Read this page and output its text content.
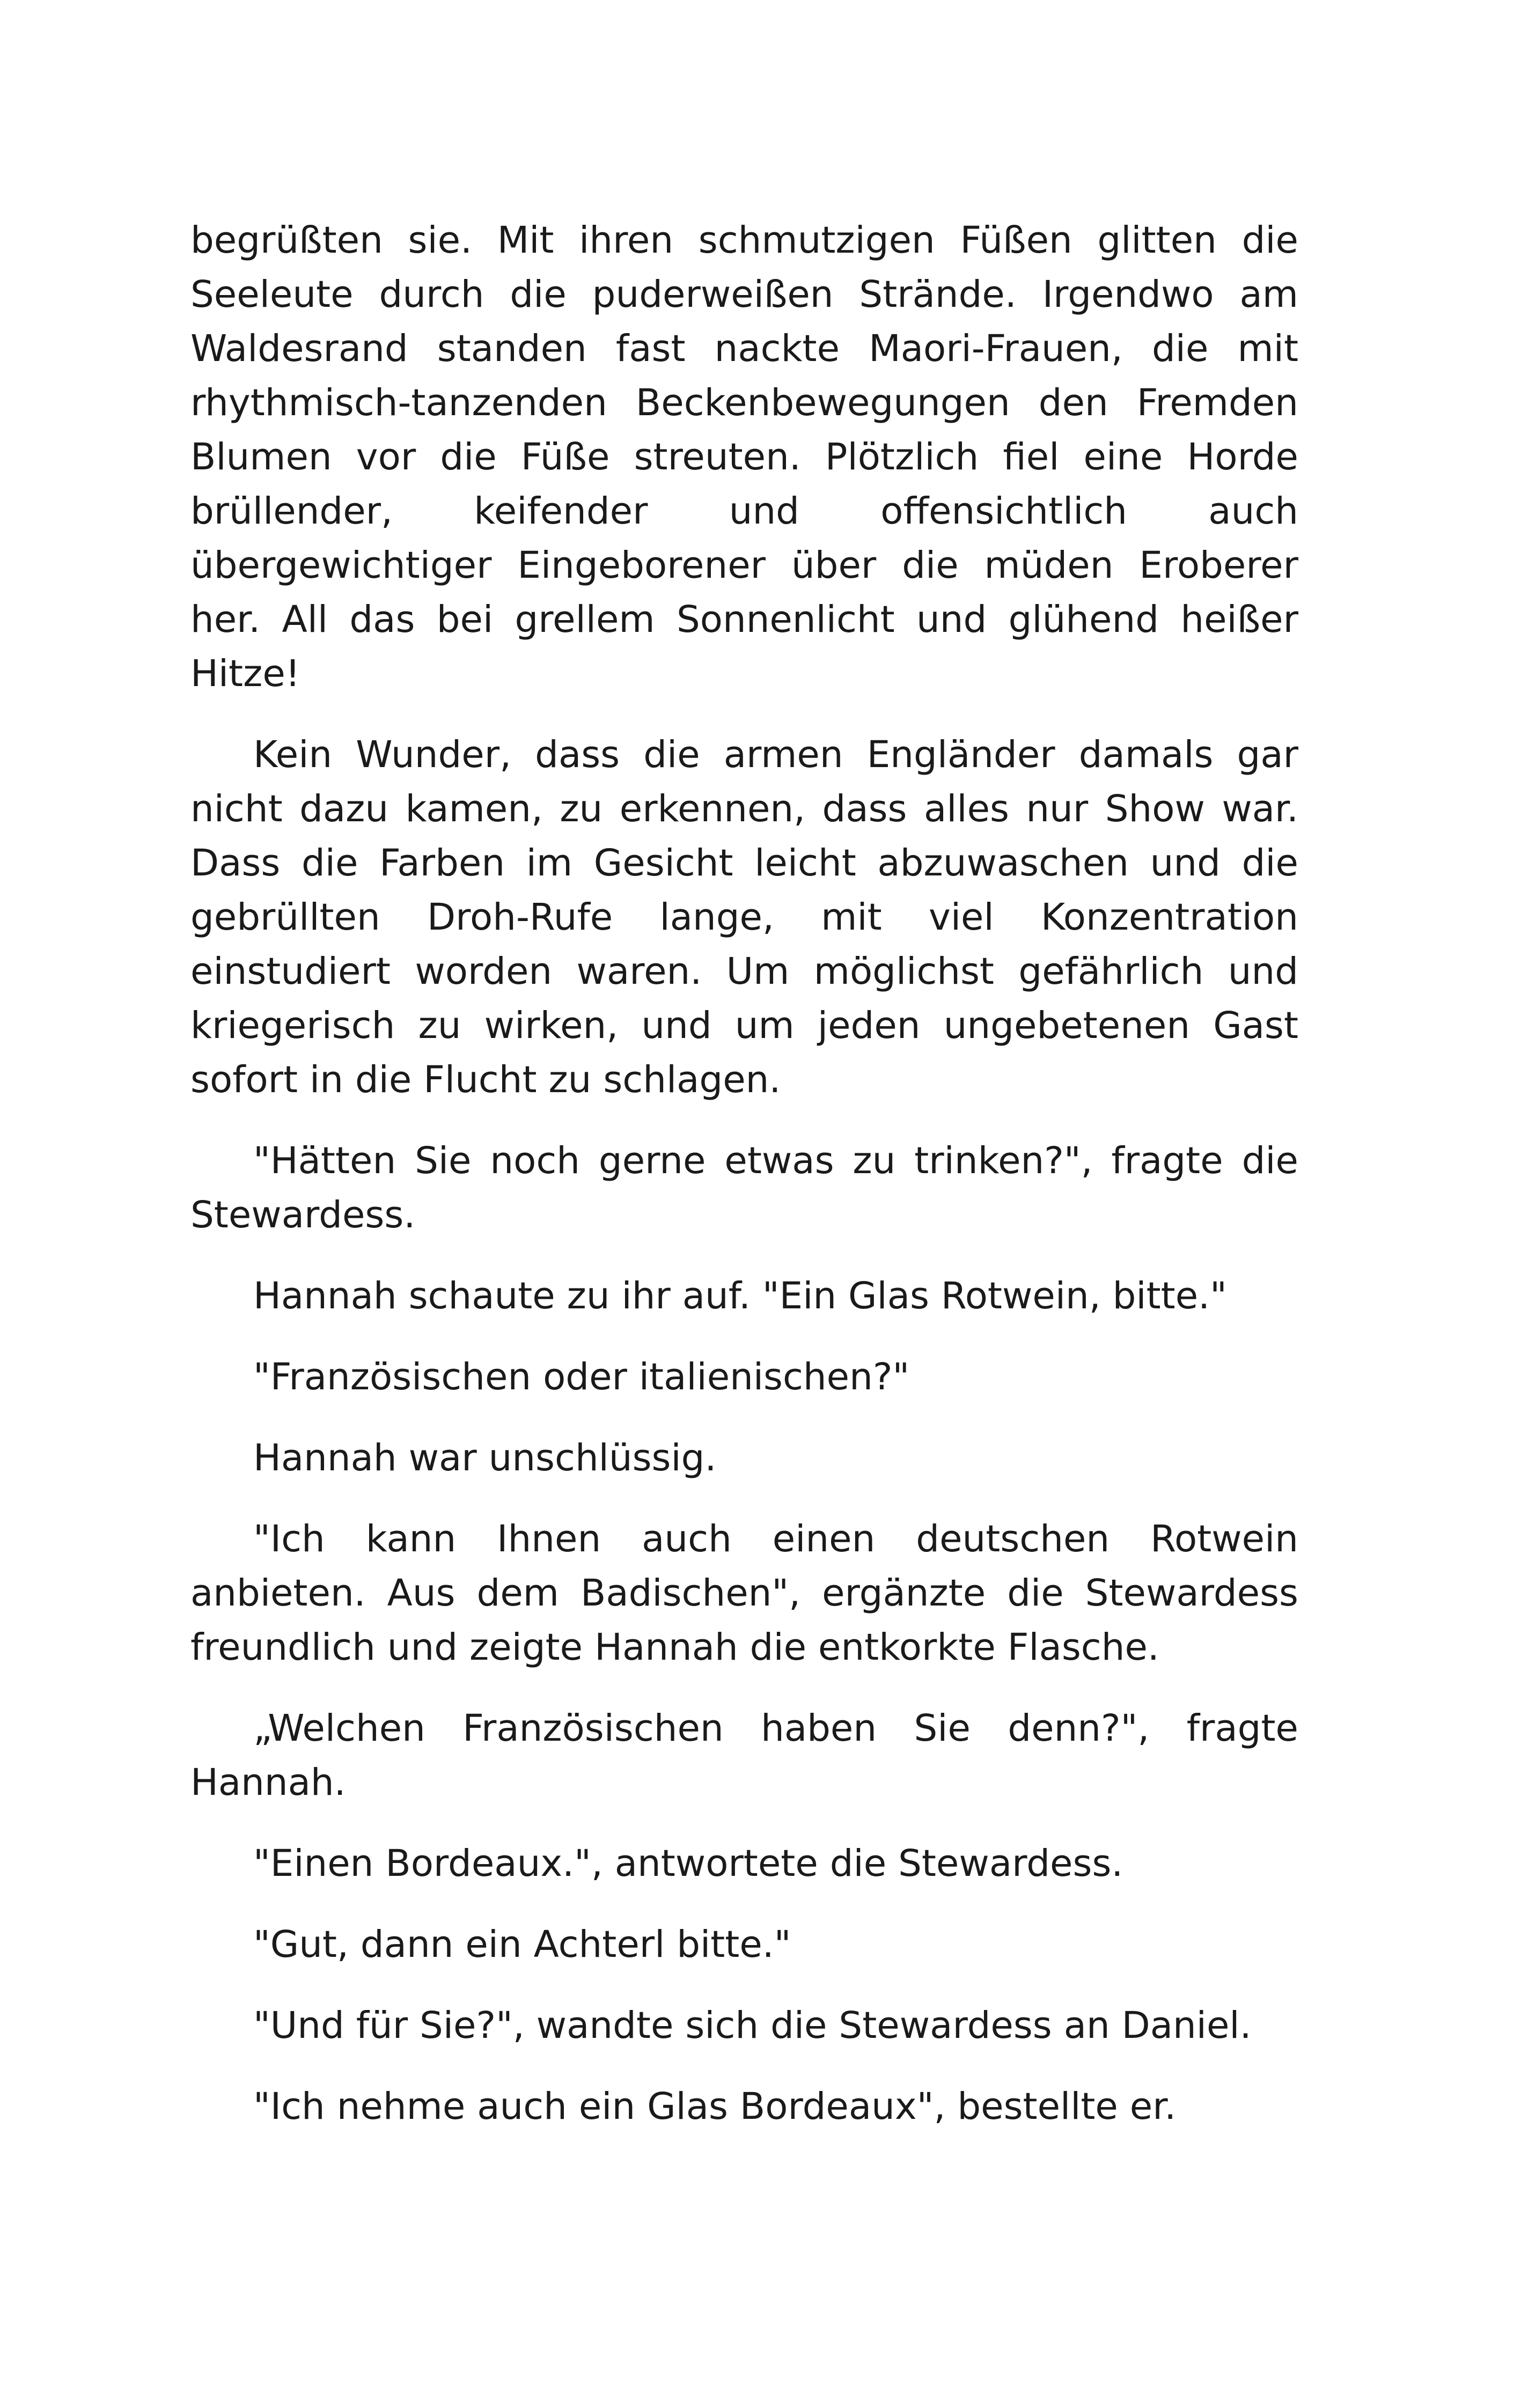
begrüßten sie. Mit ihren schmutzigen Füßen glitten die Seeleute durch die puderweißen Strände. Irgendwo am Waldesrand standen fast nackte Maori-Frauen, die mit rhythmisch-tanzenden Beckenbewegungen den Fremden Blumen vor die Füße streuten. Plötzlich fiel eine Horde brüllender, keifender und offensichtlich auch übergewichtiger Eingeborener über die müden Eroberer her. All das bei grellem Sonnenlicht und glühend heißer Hitze!

Kein Wunder, dass die armen Engländer damals gar nicht dazu kamen, zu erkennen, dass alles nur Show war. Dass die Farben im Gesicht leicht abzuwaschen und die gebrüllten Droh-Rufe lange, mit viel Konzentration einstudiert worden waren. Um möglichst gefährlich und kriegerisch zu wirken, und um jeden ungebetenen Gast sofort in die Flucht zu schlagen.

"Hätten Sie noch gerne etwas zu trinken?", fragte die Stewardess.

Hannah schaute zu ihr auf. "Ein Glas Rotwein, bitte."

"Französischen oder italienischen?"

Hannah war unschlüssig.

"Ich kann Ihnen auch einen deutschen Rotwein anbieten. Aus dem Badischen", ergänzte die Stewardess freundlich und zeigte Hannah die entkorkte Flasche.

„Welchen Französischen haben Sie denn?", fragte Hannah.

"Einen Bordeaux.", antwortete die Stewardess.

"Gut, dann ein Achterl bitte."

"Und für Sie?", wandte sich die Stewardess an Daniel.

"Ich nehme auch ein Glas Bordeaux", bestellte er.
